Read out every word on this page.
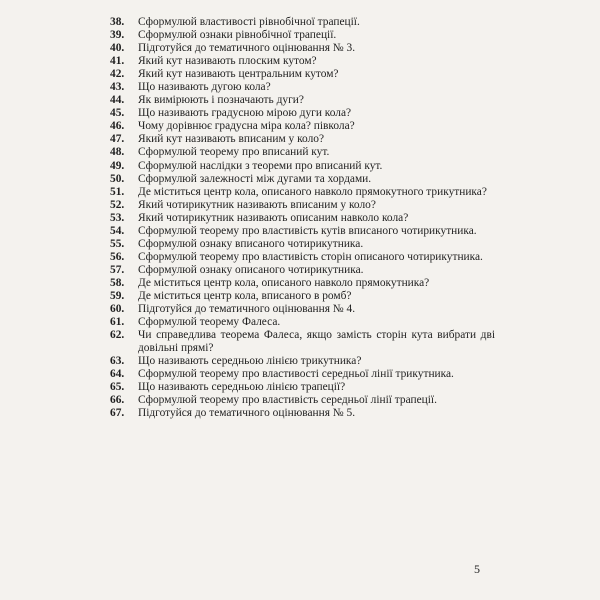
38.	Сформулюй властивості рівнобічної трапеції.
39.	Сформулюй ознаки рівнобічної трапеції.
40.	Підготуйся до тематичного оцінювання № 3.
41.	Який кут називають плоским кутом?
42.	Який кут називають центральним кутом?
43.	Що називають дугою кола?
44.	Як вимірюють і позначають дуги?
45.	Що називають градусною мірою дуги кола?
46.	Чому дорівнює градусна міра кола? півкола?
47.	Який кут називають вписаним у коло?
48.	Сформулюй теорему про вписаний кут.
49.	Сформулюй наслідки з теореми про вписаний кут.
50.	Сформулюй залежності між дугами та хордами.
51.	Де міститься центр кола, описаного навколо прямокутного трикутника?
52.	Який чотирикутник називають вписаним у коло?
53.	Який чотирикутник називають описаним навколо кола?
54.	Сформулюй теорему про властивість кутів вписаного чотирикутника.
55.	Сформулюй ознаку вписаного чотирикутника.
56.	Сформулюй теорему про властивість сторін описаного чотирикутника.
57.	Сформулюй ознаку описаного чотирикутника.
58.	Де міститься центр кола, описаного навколо прямокутника?
59.	Де міститься центр кола, вписаного в ромб?
60.	Підготуйся до тематичного оцінювання № 4.
61.	Сформулюй теорему Фалеса.
62.	Чи справедлива теорема Фалеса, якщо замість сторін кута вибрати дві довільні прямі?
63.	Що називають середньою лінією трикутника?
64.	Сформулюй теорему про властивості середньої лінії трикутника.
65.	Що називають середньою лінією трапеції?
66.	Сформулюй теорему про властивість середньої лінії трапеції.
67.	Підготуйся до тематичного оцінювання № 5.
5
